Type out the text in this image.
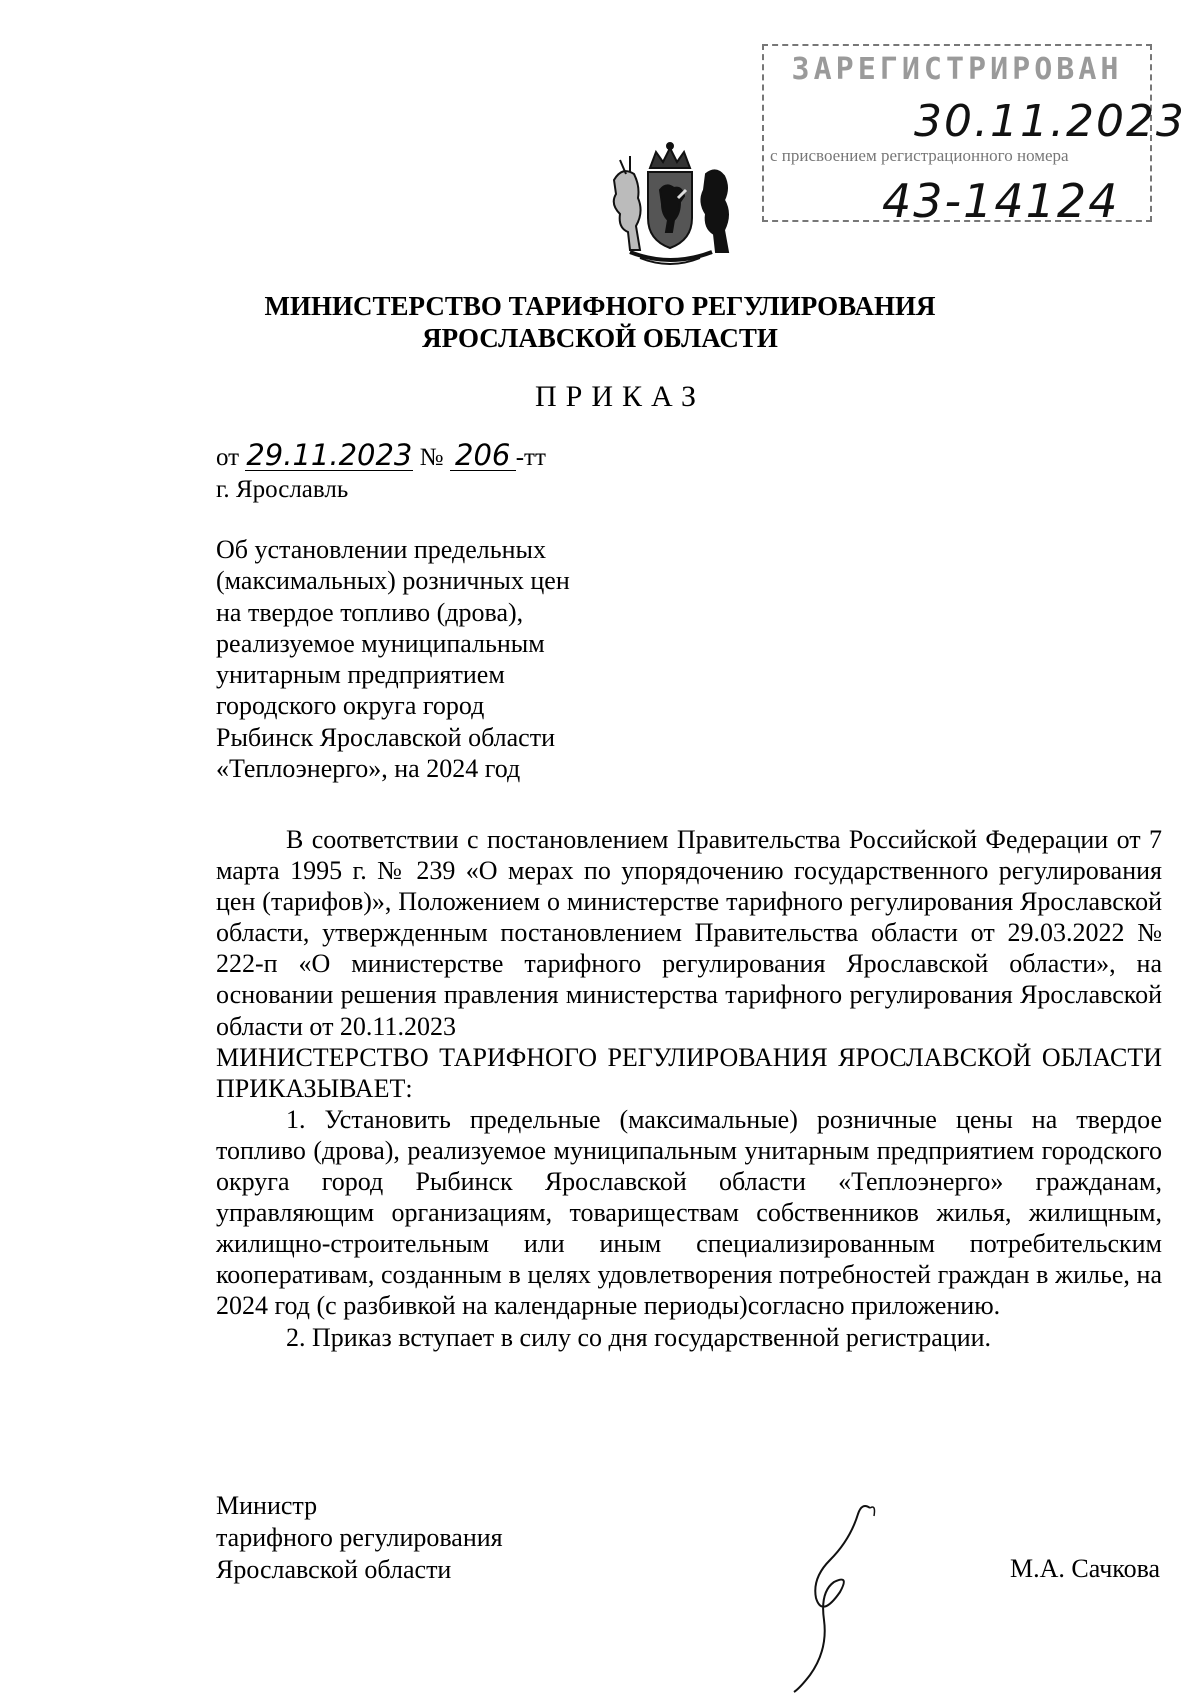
ЗАРЕГИСТРИРОВАН
30.11.2023
с присвоением регистрационного номера
43-14124
МИНИСТЕРСТВО ТАРИФНОГО РЕГУЛИРОВАНИЯ
ЯРОСЛАВСКОЙ ОБЛАСТИ
ПРИКАЗ
от 29.11.2023 № 206 -тт
г. Ярославль
Об установлении предельных
(максимальных) розничных цен
на твердое топливо (дрова),
реализуемое муниципальным
унитарным предприятием
городского округа город
Рыбинск Ярославской области
«Теплоэнерго», на 2024 год

В соответствии с постановлением Правительства Российской Федерации от 7 марта 1995 г. № 239 «О мерах по упорядочению государственного регулирования цен (тарифов)», Положением о министерстве тарифного регулирования Ярославской области, утвержденным постановлением Правительства области от 29.03.2022 № 222-п «О министерстве тарифного регулирования Ярославской области», на основании решения правления министерства тарифного регулирования Ярославской области от 20.11.2023

МИНИСТЕРСТВО ТАРИФНОГО РЕГУЛИРОВАНИЯ ЯРОСЛАВСКОЙ ОБЛАСТИ ПРИКАЗЫВАЕТ:

1. Установить предельные (максимальные) розничные цены на твердое топливо (дрова), реализуемое муниципальным унитарным предприятием городского округа город Рыбинск Ярославской области «Теплоэнерго» гражданам, управляющим организациям, товариществам собственников жилья, жилищным, жилищно-строительным или иным специализированным потребительским кооперативам, созданным в целях удовлетворения потребностей граждан в жилье, на 2024 год (с разбивкой на календарные периоды)согласно приложению.

2. Приказ вступает в силу со дня государственной регистрации.

Министр
тарифного регулирования
Ярославской области	М.А. Сачкова
